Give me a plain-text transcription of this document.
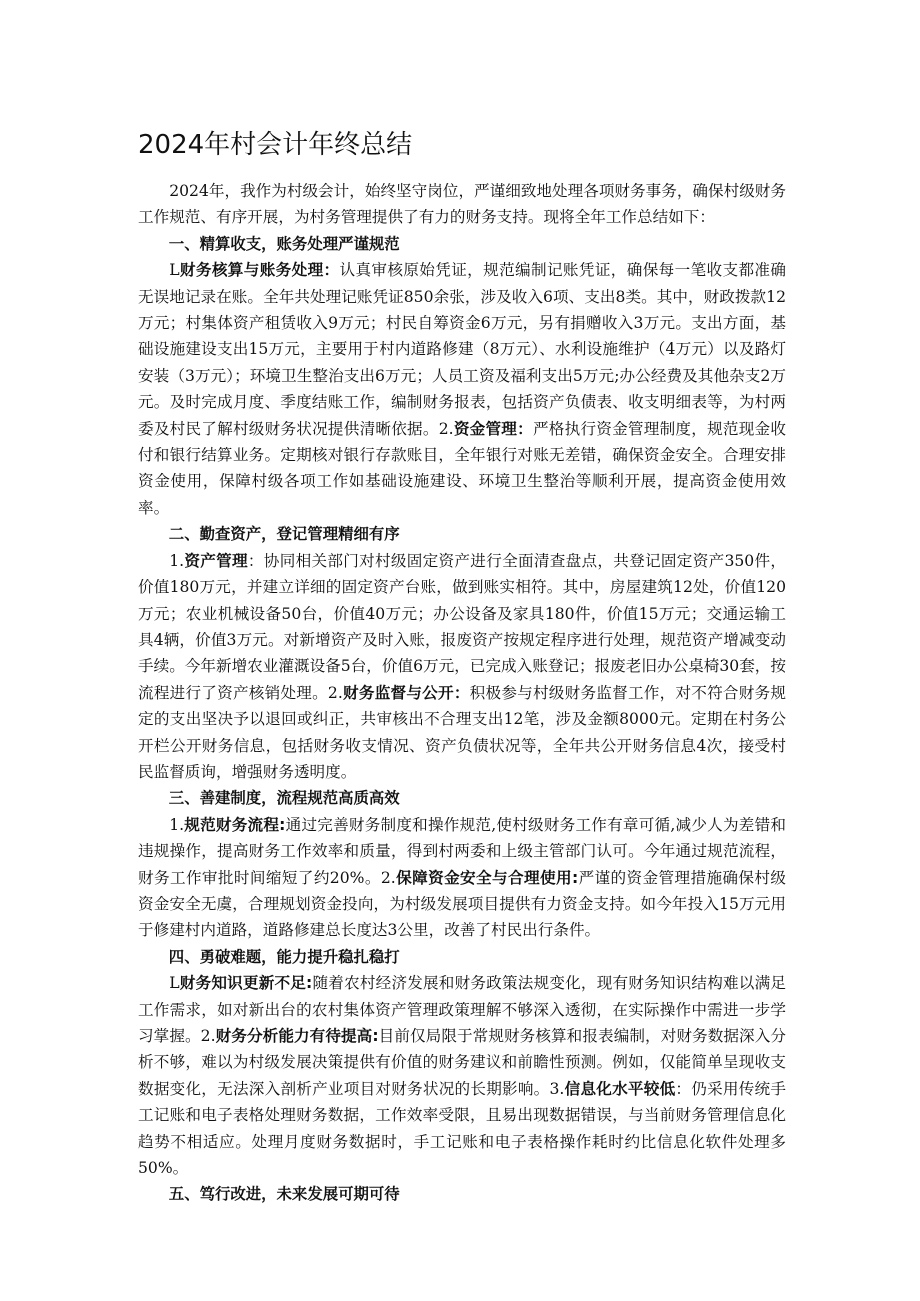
2024年村会计年终总结

2024年，我作为村级会计，始终坚守岗位，严谨细致地处理各项财务事务，确保村级财务工作规范、有序开展，为村务管理提供了有力的财务支持。现将全年工作总结如下：

一、精算收支，账务处理严谨规范

L财务核算与账务处理：认真审核原始凭证，规范编制记账凭证，确保每一笔收支都准确无误地记录在账。全年共处理记账凭证850余张，涉及收入6项、支出8类。其中，财政拨款12万元；村集体资产租赁收入9万元；村民自筹资金6万元，另有捐赠收入3万元。支出方面，基础设施建设支出15万元，主要用于村内道路修建（8万元）、水利设施维护（4万元）以及路灯安装（3万元）；环境卫生整治支出6万元；人员工资及福利支出5万元;办公经费及其他杂支2万元。及时完成月度、季度结账工作，编制财务报表，包括资产负债表、收支明细表等，为村两委及村民了解村级财务状况提供清晰依据。2.资金管理：严格执行资金管理制度，规范现金收付和银行结算业务。定期核对银行存款账目，全年银行对账无差错，确保资金安全。合理安排资金使用，保障村级各项工作如基础设施建设、环境卫生整治等顺利开展，提高资金使用效率。

二、勤查资产，登记管理精细有序

1.资产管理：协同相关部门对村级固定资产进行全面清查盘点，共登记固定资产350件，价值180万元，并建立详细的固定资产台账，做到账实相符。其中，房屋建筑12处，价值120万元；农业机械设备50台，价值40万元；办公设备及家具180件，价值15万元；交通运输工具4辆，价值3万元。对新增资产及时入账，报废资产按规定程序进行处理，规范资产增减变动手续。今年新增农业灌溉设备5台，价值6万元，已完成入账登记；报废老旧办公桌椅30套，按流程进行了资产核销处理。2.财务监督与公开：积极参与村级财务监督工作，对不符合财务规定的支出坚决予以退回或纠正，共审核出不合理支出12笔，涉及金额8000元。定期在村务公开栏公开财务信息，包括财务收支情况、资产负债状况等，全年共公开财务信息4次，接受村民监督质询，增强财务透明度。

三、善建制度，流程规范高质高效

1.规范财务流程:通过完善财务制度和操作规范,使村级财务工作有章可循,减少人为差错和违规操作，提高财务工作效率和质量，得到村两委和上级主管部门认可。今年通过规范流程，财务工作审批时间缩短了约20%。2.保障资金安全与合理使用:严谨的资金管理措施确保村级资金安全无虞，合理规划资金投向，为村级发展项目提供有力资金支持。如今年投入15万元用于修建村内道路，道路修建总长度达3公里，改善了村民出行条件。

四、勇破难题，能力提升稳扎稳打

L财务知识更新不足:随着农村经济发展和财务政策法规变化，现有财务知识结构难以满足工作需求，如对新出台的农村集体资产管理政策理解不够深入透彻，在实际操作中需进一步学习掌握。2.财务分析能力有待提高:目前仅局限于常规财务核算和报表编制，对财务数据深入分析不够，难以为村级发展决策提供有价值的财务建议和前瞻性预测。例如，仅能简单呈现收支数据变化，无法深入剖析产业项目对财务状况的长期影响。3.信息化水平较低：仍采用传统手工记账和电子表格处理财务数据，工作效率受限，且易出现数据错误，与当前财务管理信息化趋势不相适应。处理月度财务数据时，手工记账和电子表格操作耗时约比信息化软件处理多50%。

五、笃行改进，未来发展可期可待
